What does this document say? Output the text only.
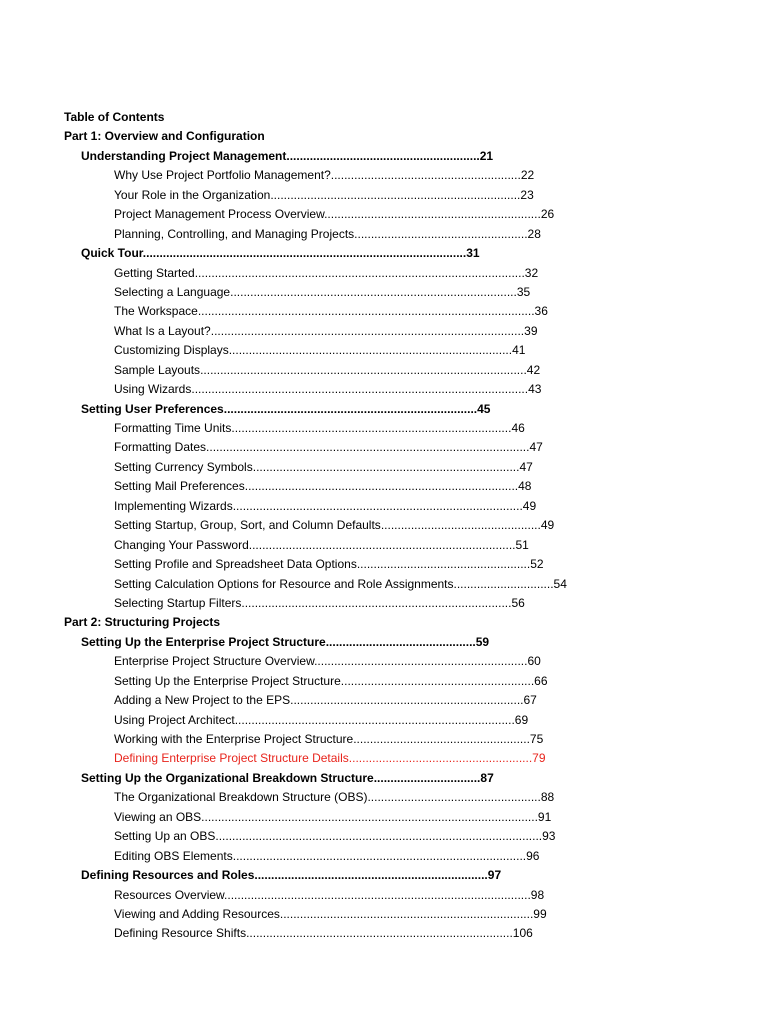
Table of Contents
Part 1: Overview and Configuration
Understanding Project Management..........................................................21
Why Use Project Portfolio Management?.........................................................22
Your Role in the Organization...........................................................................23
Project Management Process Overview.................................................................26
Planning, Controlling, and Managing Projects....................................................28
Quick Tour.................................................................................................31
Getting Started...................................................................................................32
Selecting a Language......................................................................................35
The Workspace.....................................................................................................36
What Is a Layout?..............................................................................................39
Customizing Displays.....................................................................................41
Sample Layouts..................................................................................................42
Using Wizards.....................................................................................................43
Setting User Preferences............................................................................45
Formatting Time Units....................................................................................46
Formatting Dates.................................................................................................47
Setting Currency Symbols................................................................................47
Setting Mail Preferences..................................................................................48
Implementing Wizards.......................................................................................49
Setting Startup, Group, Sort, and Column Defaults................................................49
Changing Your Password................................................................................51
Setting Profile and Spreadsheet Data Options....................................................52
Setting Calculation Options for Resource and Role Assignments..............................54
Selecting Startup Filters.................................................................................56
Part 2: Structuring Projects
Setting Up the Enterprise Project Structure.............................................59
Enterprise Project Structure Overview................................................................60
Setting Up the Enterprise Project Structure..........................................................66
Adding a New Project to the EPS......................................................................67
Using Project Architect....................................................................................69
Working with the Enterprise Project Structure.....................................................75
Defining Enterprise Project Structure Details.......................................................79
Setting Up the Organizational Breakdown Structure................................87
The Organizational Breakdown Structure (OBS)....................................................88
Viewing an OBS.....................................................................................................91
Setting Up an OBS..................................................................................................93
Editing OBS Elements........................................................................................96
Defining Resources and Roles......................................................................97
Resources Overview............................................................................................98
Viewing and Adding Resources............................................................................99
Defining Resource Shifts................................................................................106
